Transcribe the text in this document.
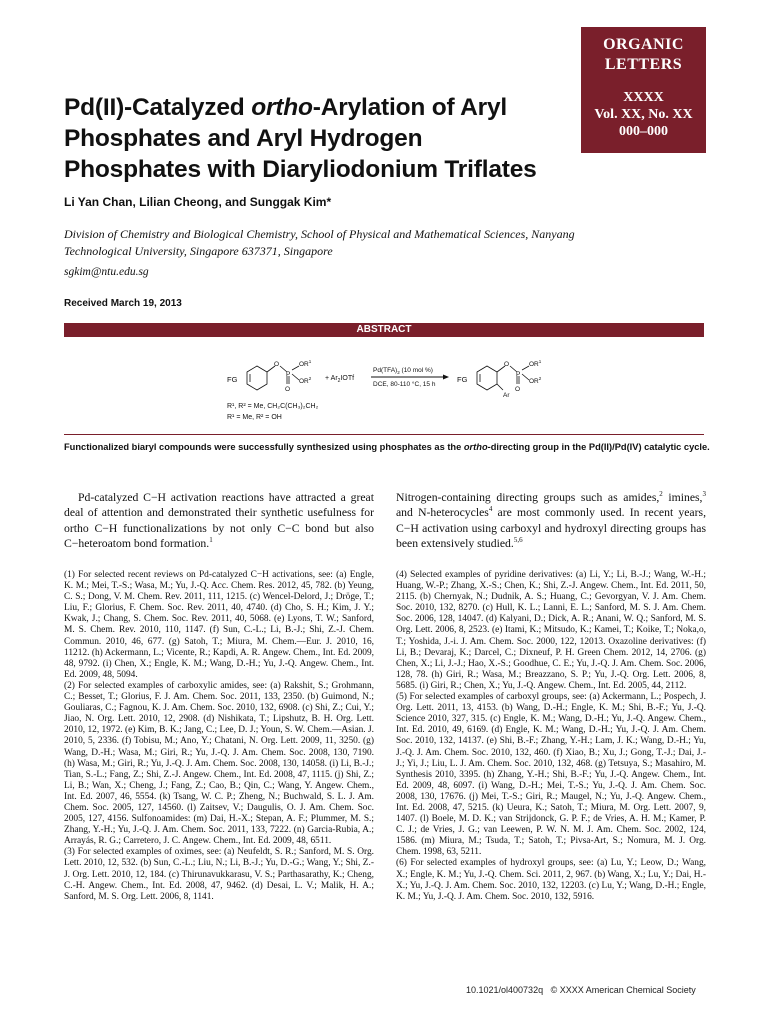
ORGANIC
LETTERS
XXXX
Vol. XX, No. XX
000–000
Pd(II)-Catalyzed ortho-Arylation of Aryl Phosphates and Aryl Hydrogen Phosphates with Diaryliodonium Triflates
Li Yan Chan, Lilian Cheong, and Sunggak Kim*
Division of Chemistry and Biological Chemistry, School of Physical and Mathematical Sciences, Nanyang Technological University, Singapore 637371, Singapore
sgkim@ntu.edu.sg
Received March 19, 2013
ABSTRACT
FG
O
P
O
$OR^1$
$OR^2$ + $Ar_2IOTf$
$Pd(TFA)_2$ (10 mol %)
DCE, 80-110 °C, 15 h
FG
O
P
O
$OR^1$
$OR^2$
Ar
R¹, R² = Me, CH₂C(CH₃)₂CH₂
R¹ = Me, R² = OH
Functionalized biaryl compounds were successfully synthesized using phosphates as the ortho-directing group in the Pd(II)/Pd(IV) catalytic cycle.
Pd-catalyzed C−H activation reactions have attracted a great deal of attention and demonstrated their synthetic usefulness for ortho C−H functionalizations by not only C−C bond but also C−heteroatom bond formation.$^1$
Nitrogen-containing directing groups such as amides,$^2$ imines,$^3$ and N-heterocycles$^4$ are most commonly used. In recent years, C−H activation using carboxyl and hydroxyl directing groups has been extensively studied.$^{5,6}$

(1) For selected recent reviews on Pd-catalyzed C−H activations, see: (a) Engle, K. M.; Mei, T.-S.; Wasa, M.; Yu, J.-Q. Acc. Chem. Res. 2012, 45, 782. (b) Yeung, C. S.; Dong, V. M. Chem. Rev. 2011, 111, 1215. (c) Wencel-Delord, J.; Dröge, T.; Liu, F.; Glorius, F. Chem. Soc. Rev. 2011, 40, 4740. (d) Cho, S. H.; Kim, J. Y.; Kwak, J.; Chang, S. Chem. Soc. Rev. 2011, 40, 5068. (e) Lyons, T. W.; Sanford, M. S. Chem. Rev. 2010, 110, 1147. (f) Sun, C.-L.; Li, B.-J.; Shi, Z.-J. Chem. Commun. 2010, 46, 677. (g) Satoh, T.; Miura, M. Chem.—Eur. J. 2010, 16, 11212. (h) Ackermann, L.; Vicente, R.; Kapdi, A. R. Angew. Chem., Int. Ed. 2009, 48, 9792. (i) Chen, X.; Engle, K. M.; Wang, D.-H.; Yu, J.-Q. Angew. Chem., Int. Ed. 2009, 48, 5094.

(2) For selected examples of carboxylic amides, see: (a) Rakshit, S.; Grohmann, C.; Besset, T.; Glorius, F. J. Am. Chem. Soc. 2011, 133, 2350. (b) Guimond, N.; Gouliaras, C.; Fagnou, K. J. Am. Chem. Soc. 2010, 132, 6908. (c) Shi, Z.; Cui, Y.; Jiao, N. Org. Lett. 2010, 12, 2908. (d) Nishikata, T.; Lipshutz, B. H. Org. Lett. 2010, 12, 1972. (e) Kim, B. K.; Jang, C.; Lee, D. J.; Youn, S. W. Chem.—Asian. J. 2010, 5, 2336. (f) Tobisu, M.; Ano, Y.; Chatani, N. Org. Lett. 2009, 11, 3250. (g) Wang, D.-H.; Wasa, M.; Giri, R.; Yu, J.-Q. J. Am. Chem. Soc. 2008, 130, 7190. (h) Wasa, M.; Giri, R.; Yu, J.-Q. J. Am. Chem. Soc. 2008, 130, 14058. (i) Li, B.-J.; Tian, S.-L.; Fang, Z.; Shi, Z.-J. Angew. Chem., Int. Ed. 2008, 47, 1115. (j) Shi, Z.; Li, B.; Wan, X.; Cheng, J.; Fang, Z.; Cao, B.; Qin, C.; Wang, Y. Angew. Chem., Int. Ed. 2007, 46, 5554. (k) Tsang, W. C. P.; Zheng, N.; Buchwald, S. L. J. Am. Chem. Soc. 2005, 127, 14560. (l) Zaitsev, V.; Daugulis, O. J. Am. Chem. Soc. 2005, 127, 4156. Sulfonoamides: (m) Dai, H.-X.; Stepan, A. F.; Plummer, M. S.; Zhang, Y.-H.; Yu, J.-Q. J. Am. Chem. Soc. 2011, 133, 7222. (n) Garcia-Rubia, A.; Arrayás, R. G.; Carretero, J. C. Angew. Chem., Int. Ed. 2009, 48, 6511.

(3) For selected examples of oximes, see: (a) Neufeldt, S. R.; Sanford, M. S. Org. Lett. 2010, 12, 532. (b) Sun, C.-L.; Liu, N.; Li, B.-J.; Yu, D.-G.; Wang, Y.; Shi, Z.-J. Org. Lett. 2010, 12, 184. (c) Thirunavukkarasu, V. S.; Parthasarathy, K.; Cheng, C.-H. Angew. Chem., Int. Ed. 2008, 47, 9462. (d) Desai, L. V.; Malik, H. A.; Sanford, M. S. Org. Lett. 2006, 8, 1141.

(4) Selected examples of pyridine derivatives: (a) Li, Y.; Li, B.-J.; Wang, W.-H.; Huang, W.-P.; Zhang, X.-S.; Chen, K.; Shi, Z.-J. Angew. Chem., Int. Ed. 2011, 50, 2115. (b) Chernyak, N.; Dudnik, A. S.; Huang, C.; Gevorgyan, V. J. Am. Chem. Soc. 2010, 132, 8270. (c) Hull, K. L.; Lanni, E. L.; Sanford, M. S. J. Am. Chem. Soc. 2006, 128, 14047. (d) Kalyani, D.; Dick, A. R.; Anani, W. Q.; Sanford, M. S. Org. Lett. 2006, 8, 2523. (e) Itami, K.; Mitsudo, K.; Kamei, T.; Koike, T.; Noka,o, T.; Yoshida, J.-i. J. Am. Chem. Soc. 2000, 122, 12013. Oxazoline derivatives: (f) Li, B.; Devaraj, K.; Darcel, C.; Dixneuf, P. H. Green Chem. 2012, 14, 2706. (g) Chen, X.; Li, J.-J.; Hao, X.-S.; Goodhue, C. E.; Yu, J.-Q. J. Am. Chem. Soc. 2006, 128, 78. (h) Giri, R.; Wasa, M.; Breazzano, S. P.; Yu, J.-Q. Org. Lett. 2006, 8, 5685. (i) Giri, R.; Chen, X.; Yu, J.-Q. Angew. Chem., Int. Ed. 2005, 44, 2112.

(5) For selected examples of carboxyl groups, see: (a) Ackermann, L.; Pospech, J. Org. Lett. 2011, 13, 4153. (b) Wang, D.-H.; Engle, K. M.; Shi, B.-F.; Yu, J.-Q. Science 2010, 327, 315. (c) Engle, K. M.; Wang, D.-H.; Yu, J.-Q. Angew. Chem., Int. Ed. 2010, 49, 6169. (d) Engle, K. M.; Wang, D.-H.; Yu, J.-Q. J. Am. Chem. Soc. 2010, 132, 14137. (e) Shi, B.-F.; Zhang, Y.-H.; Lam, J. K.; Wang, D.-H.; Yu, J.-Q. J. Am. Chem. Soc. 2010, 132, 460. (f) Xiao, B.; Xu, J.; Gong, T.-J.; Dai, J.-J.; Yi, J.; Liu, L. J. Am. Chem. Soc. 2010, 132, 468. (g) Tetsuya, S.; Masahiro, M. Synthesis 2010, 3395. (h) Zhang, Y.-H.; Shi, B.-F.; Yu, J.-Q. Angew. Chem., Int. Ed. 2009, 48, 6097. (i) Wang, D.-H.; Mei, T.-S.; Yu, J.-Q. J. Am. Chem. Soc. 2008, 130, 17676. (j) Mei, T.-S.; Giri, R.; Maugel, N.; Yu, J.-Q. Angew. Chem., Int. Ed. 2008, 47, 5215. (k) Ueura, K.; Satoh, T.; Miura, M. Org. Lett. 2007, 9, 1407. (l) Boele, M. D. K.; van Strijdonck, G. P. F.; de Vries, A. H. M.; Kamer, P. C. J.; de Vries, J. G.; van Leewen, P. W. N. M. J. Am. Chem. Soc. 2002, 124, 1586. (m) Miura, M.; Tsuda, T.; Satoh, T.; Pivsa-Art, S.; Nomura, M. J. Org. Chem. 1998, 63, 5211.

(6) For selected examples of hydroxyl groups, see: (a) Lu, Y.; Leow, D.; Wang, X.; Engle, K. M.; Yu, J.-Q. Chem. Sci. 2011, 2, 967. (b) Wang, X.; Lu, Y.; Dai, H.-X.; Yu, J.-Q. J. Am. Chem. Soc. 2010, 132, 12203. (c) Lu, Y.; Wang, D.-H.; Engle, K. M.; Yu, J.-Q. J. Am. Chem. Soc. 2010, 132, 5916.

10.1021/ol400732q © XXXX American Chemical Society
